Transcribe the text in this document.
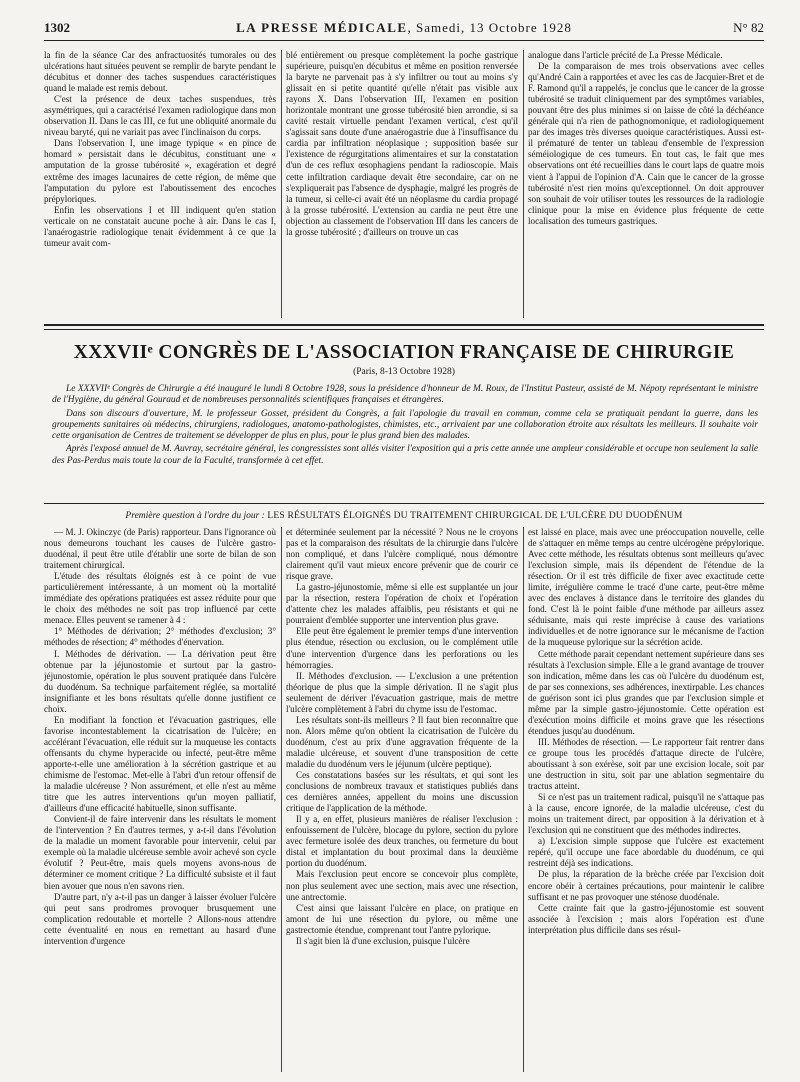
1302	LA PRESSE MÉDICALE, Samedi, 13 Octobre 1928	N° 82

la fin de la séance Car des anfractuosités tumorales ou des ulcérations haut situées peuvent se remplir de baryte pendant le décubitus et donner des taches suspendues caractéristiques quand le malade est remis debout.

C'est la présence de deux taches suspendues, très asymétriques, qui a caractérisé l'examen radiologique dans mon observation II. Dans le cas III, ce fut une obliquité anormale du niveau baryté, qui ne variait pas avec l'inclinaison du corps.

Dans l'observation I, une image typique « en pince de homard » persistait dans le décubitus, constituant une « amputation de la grosse tubérosité », exagération et degré extrême des images lacunaires de cette région, de même que l'amputation du pylore est l'aboutissement des encoches prépyloriques.

Enfin les observations I et III indiquent qu'en station verticale on ne constatait aucune poche à air. Dans le cas I, l'anaérogastrie radiologique tenait évidemment à ce que la tumeur avait com-

blé entièrement ou presque complètement la poche gastrique supérieure, puisqu'en décubitus et même en position renversée la baryte ne parvenait pas à s'y infiltrer ou tout au moins s'y glissait en si petite quantité qu'elle n'était pas visible aux rayons X. Dans l'observation III, l'examen en position horizontale montrant une grosse tubérosité bien arrondie, si sa cavité restait virtuelle pendant l'examen vertical, c'est qu'il s'agissait sans doute d'une anaérogastrie due à l'insuffisance du cardia par infiltration néoplasique ; supposition basée sur l'existence de régurgitations alimentaires et sur la constatation d'un de ces reflux œsophagiens pendant la radioscopie. Mais cette infiltration cardiaque devait être secondaire, car on ne s'expliquerait pas l'absence de dysphagie, malgré les progrès de la tumeur, si celle-ci avait été un néoplasme du cardia propagé à la grosse tubérosité. L'extension au cardia ne peut être une objection au classement de l'observation III dans les cancers de la grosse tubérosité ; d'ailleurs on trouve un cas

analogue dans l'article précité de La Presse Médicale.

De la comparaison de mes trois observations avec celles qu'André Cain a rapportées et avec les cas de Jacquier-Bret et de F. Ramond qu'il a rappelés, je conclus que le cancer de la grosse tubérosité se traduit cliniquement par des symptômes variables, pouvant être des plus minimes si on laisse de côté la déchéance générale qui n'a rien de pathognomonique, et radiologiquement par des images très diverses quoique caractéristiques. Aussi est-il prématuré de tenter un tableau d'ensemble de l'expression séméiologique de ces tumeurs. En tout cas, le fait que mes observations ont été recueillies dans le court laps de quatre mois vient à l'appui de l'opinion d'A. Cain que le cancer de la grosse tubérosité n'est rien moins qu'exceptionnel. On doit approuver son souhait de voir utiliser toutes les ressources de la radiologie clinique pour la mise en évidence plus fréquente de cette localisation des tumeurs gastriques.

XXXVIIᵉ CONGRÈS DE L'ASSOCIATION FRANÇAISE DE CHIRURGIE
(Paris, 8-13 Octobre 1928)

Le XXXVIIᵉ Congrès de Chirurgie a été inauguré le lundi 8 Octobre 1928, sous la présidence d'honneur de M. Roux, de l'Institut Pasteur, assisté de M. Népoty représentant le ministre de l'Hygiène, du général Gouraud et de nombreuses personnalités scientifiques françaises et étrangères.

Dans son discours d'ouverture, M. le professeur Gosset, président du Congrès, a fait l'apologie du travail en commun, comme cela se pratiquait pendant la guerre, dans les groupements sanitaires où médecins, chirurgiens, radiologues, anatomo-pathologistes, chimistes, etc., arrivaient par une collaboration étroite aux résultats les meilleurs. Il souhaite voir cette organisation de Centres de traitement se développer de plus en plus, pour le plus grand bien des malades.

Après l'exposé annuel de M. Auvray, secrétaire général, les congressistes sont allés visiter l'exposition qui a pris cette année une ampleur considérable et occupe non seulement la salle des Pas-Perdus mais toute la cour de la Faculté, transformée à cet effet.

Première question à l'ordre du jour : LES RÉSULTATS ÉLOIGNÉS DU TRAITEMENT CHIRURGICAL DE L'ULCÈRE DU DUODÉNUM

— M. J. Okinczyc (de Paris) rapporteur. Dans l'ignorance où nous demeurons touchant les causes de l'ulcère gastro-duodénal, il peut être utile d'établir une sorte de bilan de son traitement chirurgical.

L'étude des résultats éloignés est à ce point de vue particulièrement intéressante, à un moment où la mortalité immédiate des opérations pratiquées est assez réduite pour que le choix des méthodes ne soit pas trop influencé par cette menace. Elles peuvent se ramener à 4 :

1° Méthodes de dérivation; 2° méthodes d'exclusion; 3° méthodes de résection; 4° méthodes d'énervation.

I. Méthodes de dérivation. — La dérivation peut être obtenue par la jéjunostomie et surtout par la gastro-jéjunostomie, opération le plus souvent pratiquée dans l'ulcère du duodénum. Sa technique parfaitement réglée, sa mortalité insignifiante et les bons résultats qu'elle donne justifient ce choix.

En modifiant la fonction et l'évacuation gastriques, elle favorise incontestablement la cicatrisation de l'ulcère; en accélérant l'évacuation, elle réduit sur la muqueuse les contacts offensants du chyme hyperacide ou infecté, peut-être même apporte-t-elle une amélioration à la sécrétion gastrique et au chimisme de l'estomac. Met-elle à l'abri d'un retour offensif de la maladie ulcéreuse ? Non assurément, et elle n'est au même titre que les autres interventions qu'un moyen palliatif, d'ailleurs d'une efficacité habituelle, sinon suffisante.

Convient-il de faire intervenir dans les résultats le moment de l'intervention ? En d'autres termes, y a-t-il dans l'évolution de la maladie un moment favorable pour intervenir, celui par exemple où la maladie ulcéreuse semble avoir achevé son cycle évolutif ? Peut-être, mais quels moyens avons-nous de déterminer ce moment critique ? La difficulté subsiste et il faut bien avouer que nous n'en savons rien.

D'autre part, n'y a-t-il pas un danger à laisser évoluer l'ulcère qui peut sans prodromes provoquer brusquement une complication redoutable et mortelle ? Allons-nous attendre cette éventualité en nous en remettant au hasard d'une intervention d'urgence

et déterminée seulement par la nécessité ? Nous ne le croyons pas et la comparaison des résultats de la chirurgie dans l'ulcère non compliqué, et dans l'ulcère compliqué, nous démontre clairement qu'il vaut mieux encore prévenir que de courir ce risque grave.

La gastro-jéjunostomie, même si elle est supplantée un jour par la résection, restera l'opération de choix et l'opération d'attente chez les malades affaiblis, peu résistants et qui ne pourraient d'emblée supporter une intervention plus grave.

Elle peut être également le premier temps d'une intervention plus étendue, résection ou exclusion, ou le complément utile d'une intervention d'urgence dans les perforations ou les hémorragies.

II. Méthodes d'exclusion. — L'exclusion a une prétention théorique de plus que la simple dérivation. Il ne s'agit plus seulement de dériver l'évacuation gastrique, mais de mettre l'ulcère complètement à l'abri du chyme issu de l'estomac.

Les résultats sont-ils meilleurs ? Il faut bien reconnaître que non. Alors même qu'on obtient la cicatrisation de l'ulcère du duodénum, c'est au prix d'une aggravation fréquente de la maladie ulcéreuse, et souvent d'une transposition de cette maladie du duodénum vers le jéjunum (ulcère peptique).

Ces constatations basées sur les résultats, et qui sont les conclusions de nombreux travaux et statistiques publiés dans ces dernières années, appellent du moins une discussion critique de l'application de la méthode.

Il y a, en effet, plusieurs manières de réaliser l'exclusion : enfouissement de l'ulcère, blocage du pylore, section du pylore avec fermeture isolée des deux tranches, ou fermeture du bout distal et implantation du bout proximal dans la deuxième portion du duodénum.

Mais l'exclusion peut encore se concevoir plus complète, non plus seulement avec une section, mais avec une résection, une antrectomie.

C'est ainsi que laissant l'ulcère en place, on pratique en amont de lui une résection du pylore, ou même une gastrectomie étendue, comprenant tout l'antre pylorique.

Il s'agit bien là d'une exclusion, puisque l'ulcère

est laissé en place, mais avec une préoccupation nouvelle, celle de s'attaquer en même temps au centre ulcérogène prépylorique. Avec cette méthode, les résultats obtenus sont meilleurs qu'avec l'exclusion simple, mais ils dépendent de l'étendue de la résection. Or il est très difficile de fixer avec exactitude cette limite, irrégulière comme le tracé d'une carte, peut-être même avec des enclaves à distance dans le territoire des glandes du fond. C'est là le point faible d'une méthode par ailleurs assez séduisante, mais qui reste imprécise à cause des variations individuelles et de notre ignorance sur le mécanisme de l'action de la muqueuse pylorique sur la sécrétion acide.

Cette méthode parait cependant nettement supérieure dans ses résultats à l'exclusion simple. Elle a le grand avantage de trouver son indication, même dans les cas où l'ulcère du duodénum est, de par ses connexions, ses adhérences, inextirpable. Les chances de guérison sont ici plus grandes que par l'exclusion simple et même par la simple gastro-jéjunostomie. Cette opération est d'exécution moins difficile et moins grave que les résections étendues jusqu'au duodénum.

III. Méthodes de résection. — Le rapporteur fait rentrer dans ce groupe tous les procédés d'attaque directe de l'ulcère, aboutissant à son exérèse, soit par une excision locale, soit par une destruction in situ, soit par une ablation segmentaire du tractus atteint.

Si ce n'est pas un traitement radical, puisqu'il ne s'attaque pas à la cause, encore ignorée, de la maladie ulcéreuse, c'est du moins un traitement direct, par opposition à la dérivation et à l'exclusion qui ne constituent que des méthodes indirectes.

a) L'excision simple suppose que l'ulcère est exactement repéré, qu'il occupe une face abordable du duodénum, ce qui restreint déjà ses indications.

De plus, la réparation de la brèche créée par l'excision doit encore obéir à certaines précautions, pour maintenir le calibre suffisant et ne pas provoquer une sténose duodénale.

Cette crainte fait que la gastro-jéjunostomie est souvent associée à l'excision ; mais alors l'opération est d'une interprétation plus difficile dans ses résul-
